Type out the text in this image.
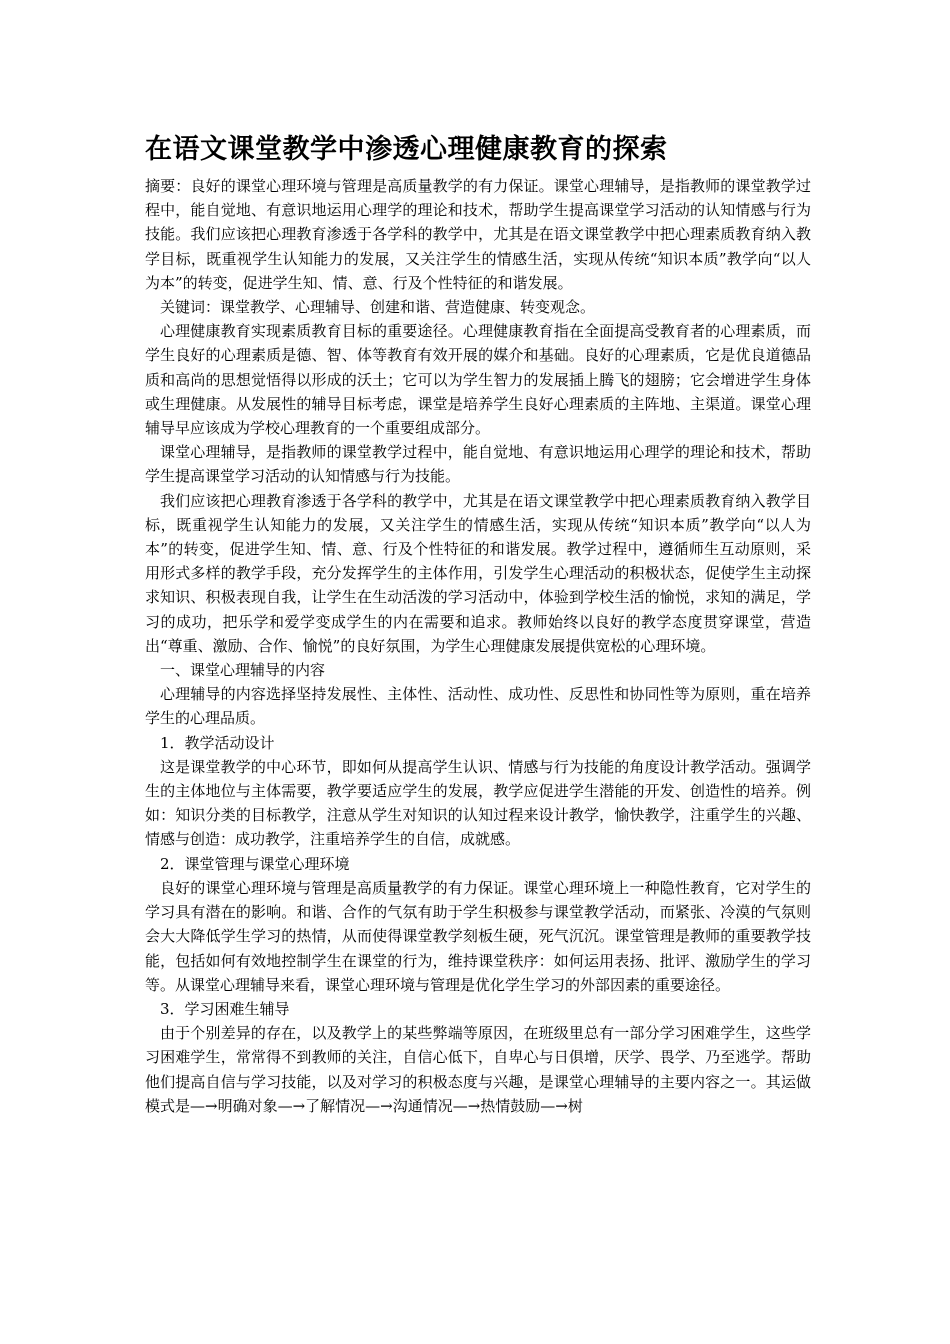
在语文课堂教学中渗透心理健康教育的探索

摘要：良好的课堂心理环境与管理是高质量教学的有力保证。课堂心理辅导，是指教师的课堂教学过程中，能自觉地、有意识地运用心理学的理论和技术，帮助学生提高课堂学习活动的认知情感与行为技能。我们应该把心理教育渗透于各学科的教学中，尤其是在语文课堂教学中把心理素质教育纳入教学目标，既重视学生认知能力的发展，又关注学生的情感生活，实现从传统“知识本质”教学向“以人为本”的转变，促进学生知、情、意、行及个性特征的和谐发展。

关键词：课堂教学、心理辅导、创建和谐、营造健康、转变观念。

心理健康教育实现素质教育目标的重要途径。心理健康教育指在全面提高受教育者的心理素质，而学生良好的心理素质是德、智、体等教育有效开展的媒介和基础。良好的心理素质，它是优良道德品质和高尚的思想觉悟得以形成的沃土；它可以为学生智力的发展插上腾飞的翅膀；它会增进学生身体或生理健康。从发展性的辅导目标考虑，课堂是培养学生良好心理素质的主阵地、主渠道。课堂心理辅导早应该成为学校心理教育的一个重要组成部分。

课堂心理辅导，是指教师的课堂教学过程中，能自觉地、有意识地运用心理学的理论和技术，帮助学生提高课堂学习活动的认知情感与行为技能。

我们应该把心理教育渗透于各学科的教学中，尤其是在语文课堂教学中把心理素质教育纳入教学目标，既重视学生认知能力的发展，又关注学生的情感生活，实现从传统“知识本质”教学向“以人为本”的转变，促进学生知、情、意、行及个性特征的和谐发展。教学过程中，遵循师生互动原则，采用形式多样的教学手段，充分发挥学生的主体作用，引发学生心理活动的积极状态，促使学生主动探求知识、积极表现自我，让学生在生动活泼的学习活动中，体验到学校生活的愉悦，求知的满足，学习的成功，把乐学和爱学变成学生的内在需要和追求。教师始终以良好的教学态度贯穿课堂，营造出“尊重、激励、合作、愉悦”的良好氛围，为学生心理健康发展提供宽松的心理环境。

一、课堂心理辅导的内容

心理辅导的内容选择坚持发展性、主体性、活动性、成功性、反思性和协同性等为原则，重在培养学生的心理品质。

1．教学活动设计

这是课堂教学的中心环节，即如何从提高学生认识、情感与行为技能的角度设计教学活动。强调学生的主体地位与主体需要，教学要适应学生的发展，教学应促进学生潜能的开发、创造性的培养。例如：知识分类的目标教学，注意从学生对知识的认知过程来设计教学，愉快教学，注重学生的兴趣、情感与创造：成功教学，注重培养学生的自信，成就感。

2．课堂管理与课堂心理环境

良好的课堂心理环境与管理是高质量教学的有力保证。课堂心理环境上一种隐性教育，它对学生的学习具有潜在的影响。和谐、合作的气氛有助于学生积极参与课堂教学活动，而紧张、冷漠的气氛则会大大降低学生学习的热情，从而使得课堂教学刻板生硬，死气沉沉。课堂管理是教师的重要教学技能，包括如何有效地控制学生在课堂的行为，维持课堂秩序：如何运用表扬、批评、激励学生的学习等。从课堂心理辅导来看，课堂心理环境与管理是优化学生学习的外部因素的重要途径。

3．学习困难生辅导

由于个别差异的存在，以及教学上的某些弊端等原因，在班级里总有一部分学习困难学生，这些学习困难学生，常常得不到教师的关注，自信心低下，自卑心与日俱增，厌学、畏学、乃至逃学。帮助他们提高自信与学习技能，以及对学习的积极态度与兴趣，是课堂心理辅导的主要内容之一。其运做模式是—→明确对象—→了解情况—→沟通情况—→热情鼓励—→树
